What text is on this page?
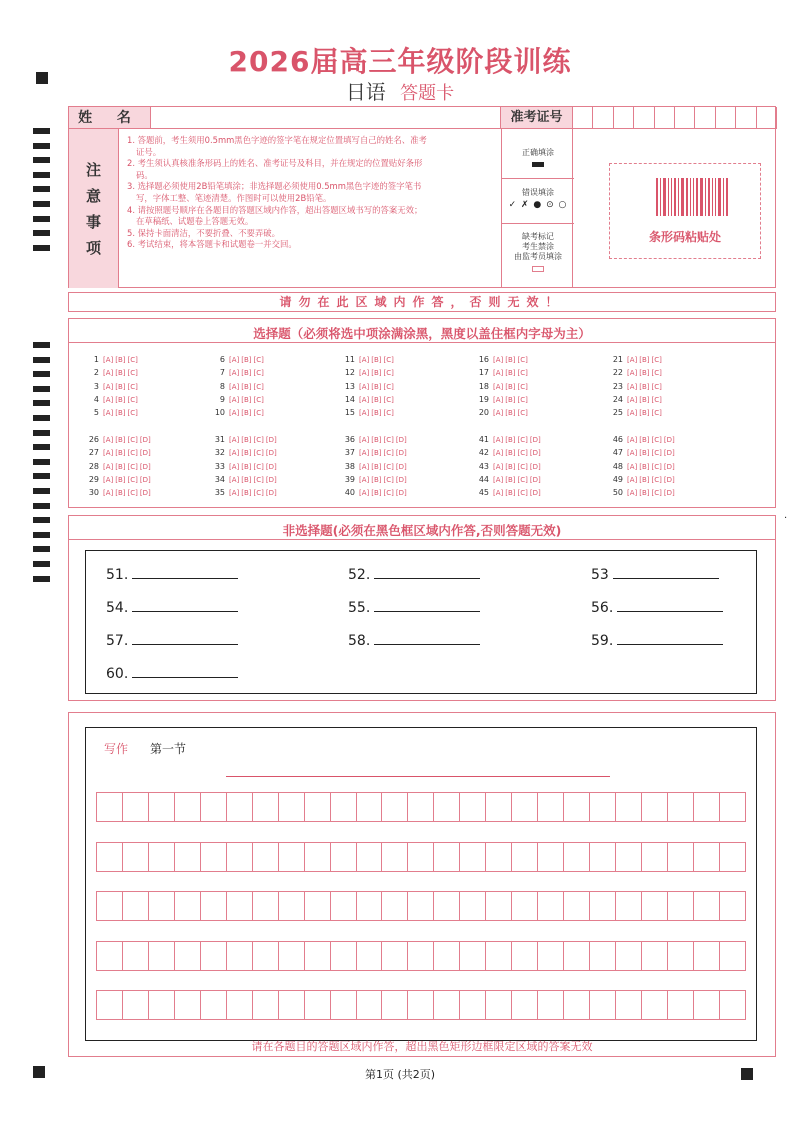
2026届高三年级阶段训练
日语 答题卡
姓 名	准考证号
注
意
事
项
1. 答题前，考生须用0.5mm黑色字迹的签字笔在规定位置填写自己的姓名、准考证号。
2. 考生须认真核准条形码上的姓名、准考证号及科目，并在规定的位置贴好条形码。
3. 选择题必须使用2B铅笔填涂；非选择题必须使用0.5mm黑色字迹的签字笔书写，字体工整、笔迹清楚。作图时可以使用2B铅笔。
4. 请按照题号顺序在各题目的答题区域内作答，超出答题区域书写的答案无效；在草稿纸、试题卷上答题无效。
5. 保持卡面清洁，不要折叠、不要弄破。
6. 考试结束，将本答题卡和试题卷一并交回。
正确填涂
错误填涂
✓ ✗ ● ⊙ ○
缺考标记
考生禁涂
由监考员填涂
条形码粘贴处
请勿在此区域内作答，否则无效！
选择题（必须将选中项涂满涂黑，黑度以盖住框内字母为主）
1 [A] [B] [C]
2 [A] [B] [C]
3 [A] [B] [C]
4 [A] [B] [C]
5 [A] [B] [C]
6 [A] [B] [C]
7 [A] [B] [C]
8 [A] [B] [C]
9 [A] [B] [C]
10 [A] [B] [C]
11 [A] [B] [C]
12 [A] [B] [C]
13 [A] [B] [C]
14 [A] [B] [C]
15 [A] [B] [C]
16 [A] [B] [C]
17 [A] [B] [C]
18 [A] [B] [C]
19 [A] [B] [C]
20 [A] [B] [C]
21 [A] [B] [C]
22 [A] [B] [C]
23 [A] [B] [C]
24 [A] [B] [C]
25 [A] [B] [C]
26 [A] [B] [C] [D]
27 [A] [B] [C] [D]
28 [A] [B] [C] [D]
29 [A] [B] [C] [D]
30 [A] [B] [C] [D]
31 [A] [B] [C] [D]
32 [A] [B] [C] [D]
33 [A] [B] [C] [D]
34 [A] [B] [C] [D]
35 [A] [B] [C] [D]
36 [A] [B] [C] [D]
37 [A] [B] [C] [D]
38 [A] [B] [C] [D]
39 [A] [B] [C] [D]
40 [A] [B] [C] [D]
41 [A] [B] [C] [D]
42 [A] [B] [C] [D]
43 [A] [B] [C] [D]
44 [A] [B] [C] [D]
45 [A] [B] [C] [D]
46 [A] [B] [C] [D]
47 [A] [B] [C] [D]
48 [A] [B] [C] [D]
49 [A] [B] [C] [D]
50 [A] [B] [C] [D]
非选择题(必须在黑色框区域内作答,否则答题无效)
51.	52.	53
54.	55.	56.
57.	58.	59.
60.
写作 第一节
请在各题目的答题区域内作答，超出黑色矩形边框限定区域的答案无效
第1页 (共2页)
·
